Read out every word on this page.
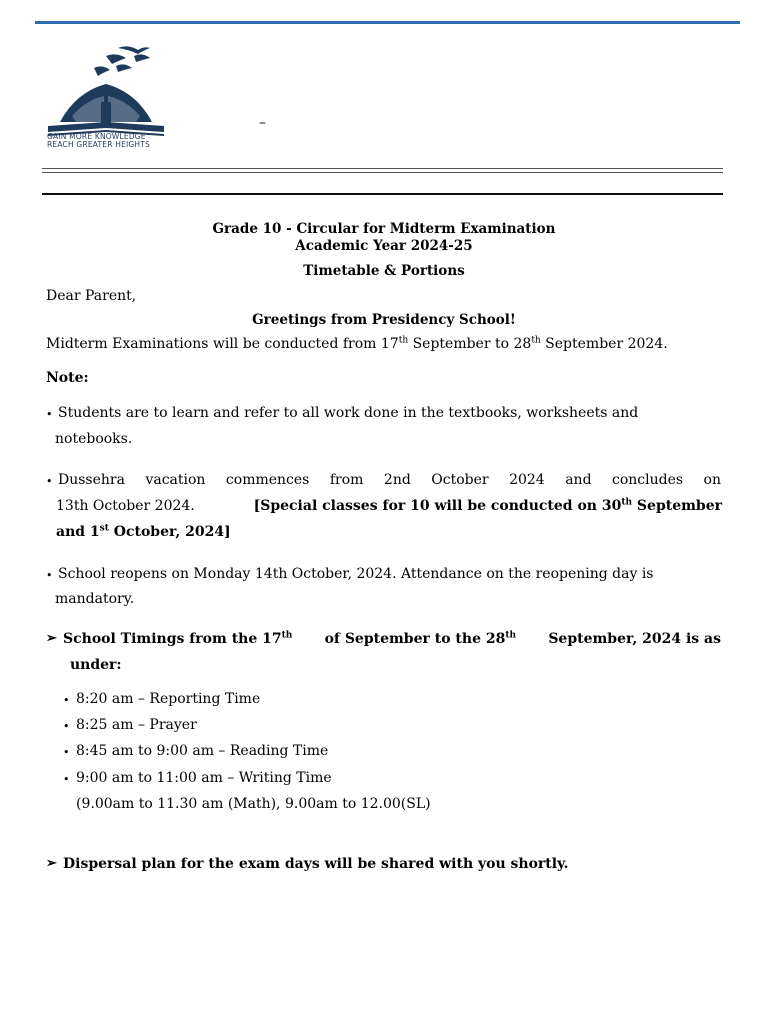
GAIN MORE KNOWLEDGE
REACH GREATER HEIGHTS
–
Grade 10 - Circular for Midterm Examination
Academic Year 2024-25
Timetable & Portions
Dear Parent,
Greetings from Presidency School!
Midterm Examinations will be conducted from 17th September to 28th September 2024.
Note:
• Students are to learn and refer to all work done in the textbooks, worksheets and
notebooks.
• Dussehra vacation commences from 2nd October 2024 and concludes on
13th October 2024.	[Special classes for 10 will be conducted on 30th September
and 1st October, 2024]
• School reopens on Monday 14th October, 2024. Attendance on the reopening day is
mandatory.
➢ School Timings from the 17th of September to the 28th September, 2024 is as
under:
• 8:20 am – Reporting Time
• 8:25 am – Prayer
• 8:45 am to 9:00 am – Reading Time
• 9:00 am to 11:00 am – Writing Time
(9.00am to 11.30 am (Math), 9.00am to 12.00(SL)
➢ Dispersal plan for the exam days will be shared with you shortly.
